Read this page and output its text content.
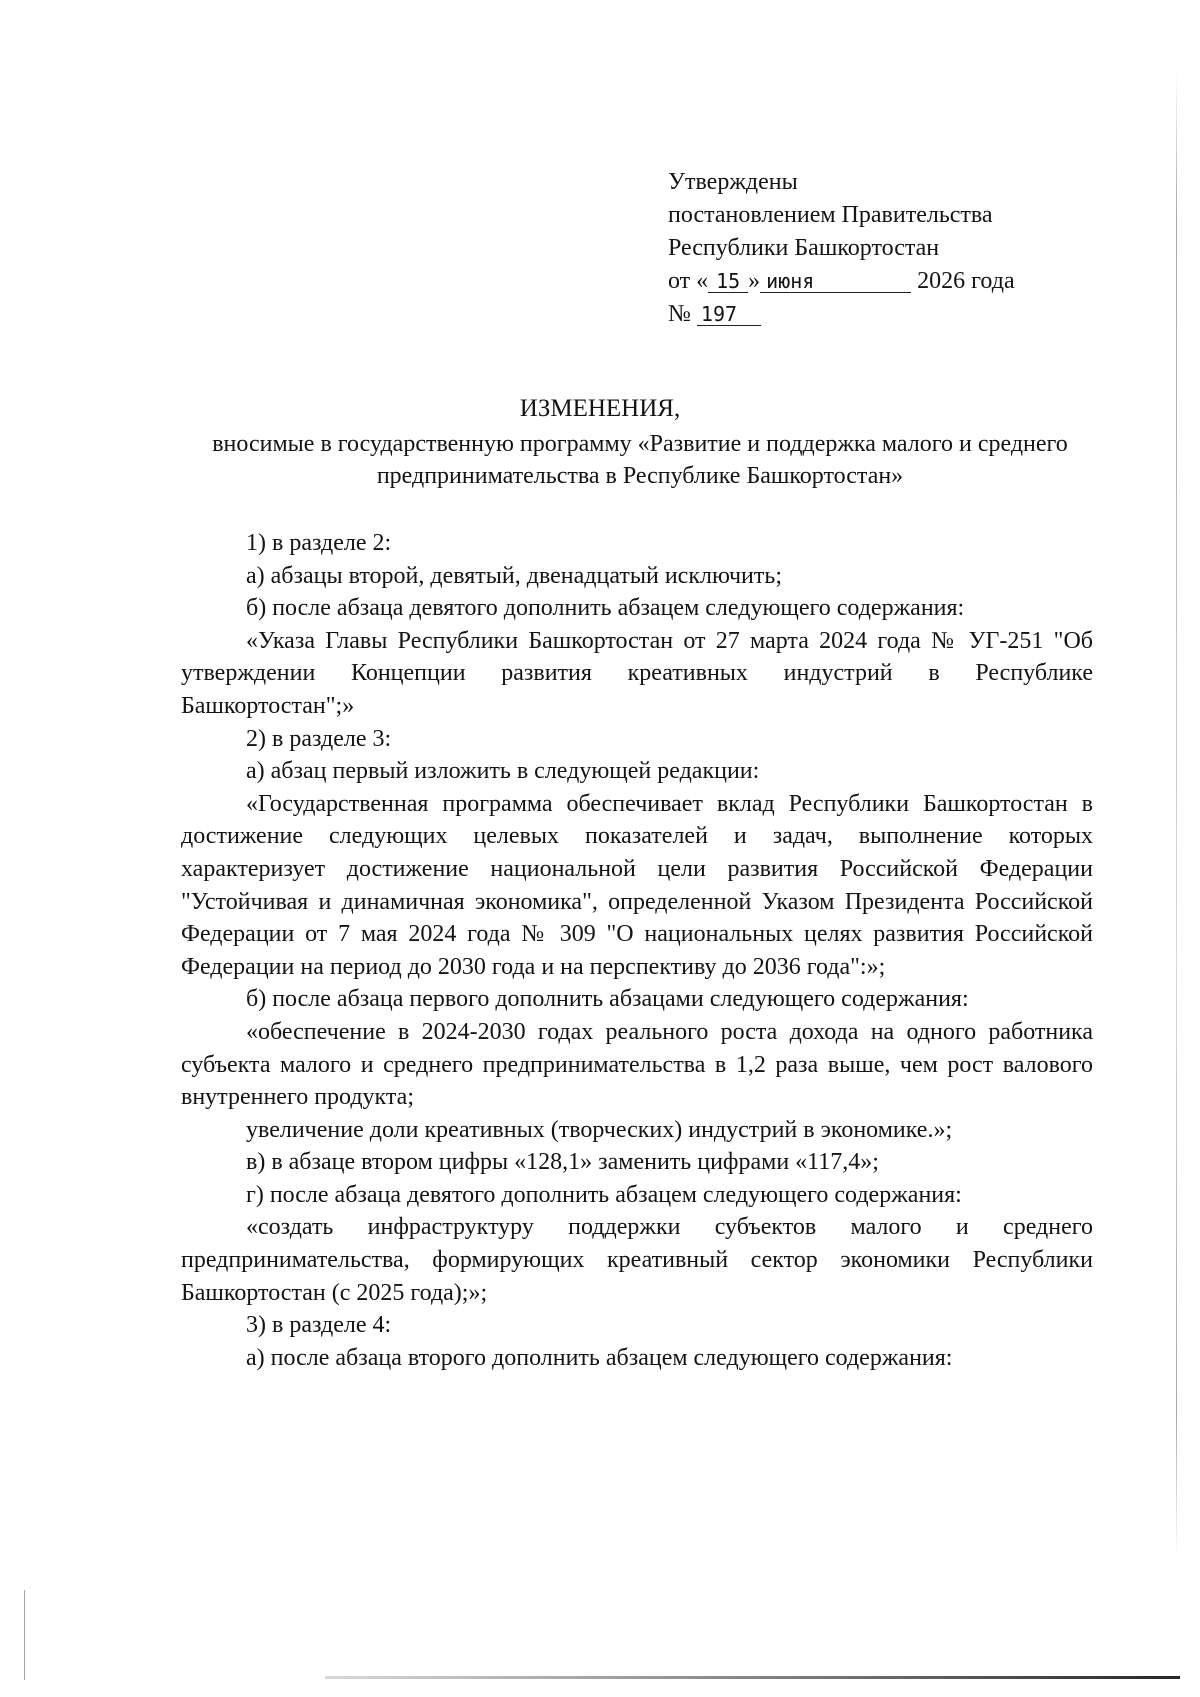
Утверждены
постановлением Правительства
Республики Башкортостан
от « 15 » июня	2026 года
№ 197
ИЗМЕНЕНИЯ,
вносимые в государственную программу «Развитие и поддержка малого и среднего предпринимательства в Республике Башкортостан»

1) в разделе 2:

а) абзацы второй, девятый, двенадцатый исключить;

б) после абзаца девятого дополнить абзацем следующего содержания:

«Указа Главы Республики Башкортостан от 27 марта 2024 года № УГ-251 "Об утверждении Концепции развития креативных индустрий в Республике Башкортостан";»

2) в разделе 3:

а) абзац первый изложить в следующей редакции:

«Государственная программа обеспечивает вклад Республики Башкортостан в достижение следующих целевых показателей и задач, выполнение которых характеризует достижение национальной цели развития Российской Федерации "Устойчивая и динамичная экономика", определенной Указом Президента Российской Федерации от 7 мая 2024 года № 309 "О национальных целях развития Российской Федерации на период до 2030 года и на перспективу до 2036 года":»;

б) после абзаца первого дополнить абзацами следующего содержания:

«обеспечение в 2024-2030 годах реального роста дохода на одного работника субъекта малого и среднего предпринимательства в 1,2 раза выше, чем рост валового внутреннего продукта;

увеличение доли креативных (творческих) индустрий в экономике.»;

в) в абзаце втором цифры «128,1» заменить цифрами «117,4»;

г) после абзаца девятого дополнить абзацем следующего содержания:

«создать инфраструктуру поддержки субъектов малого и среднего предпринимательства, формирующих креативный сектор экономики Республики Башкортостан (с 2025 года);»;

3) в разделе 4:

а) после абзаца второго дополнить абзацем следующего содержания:
